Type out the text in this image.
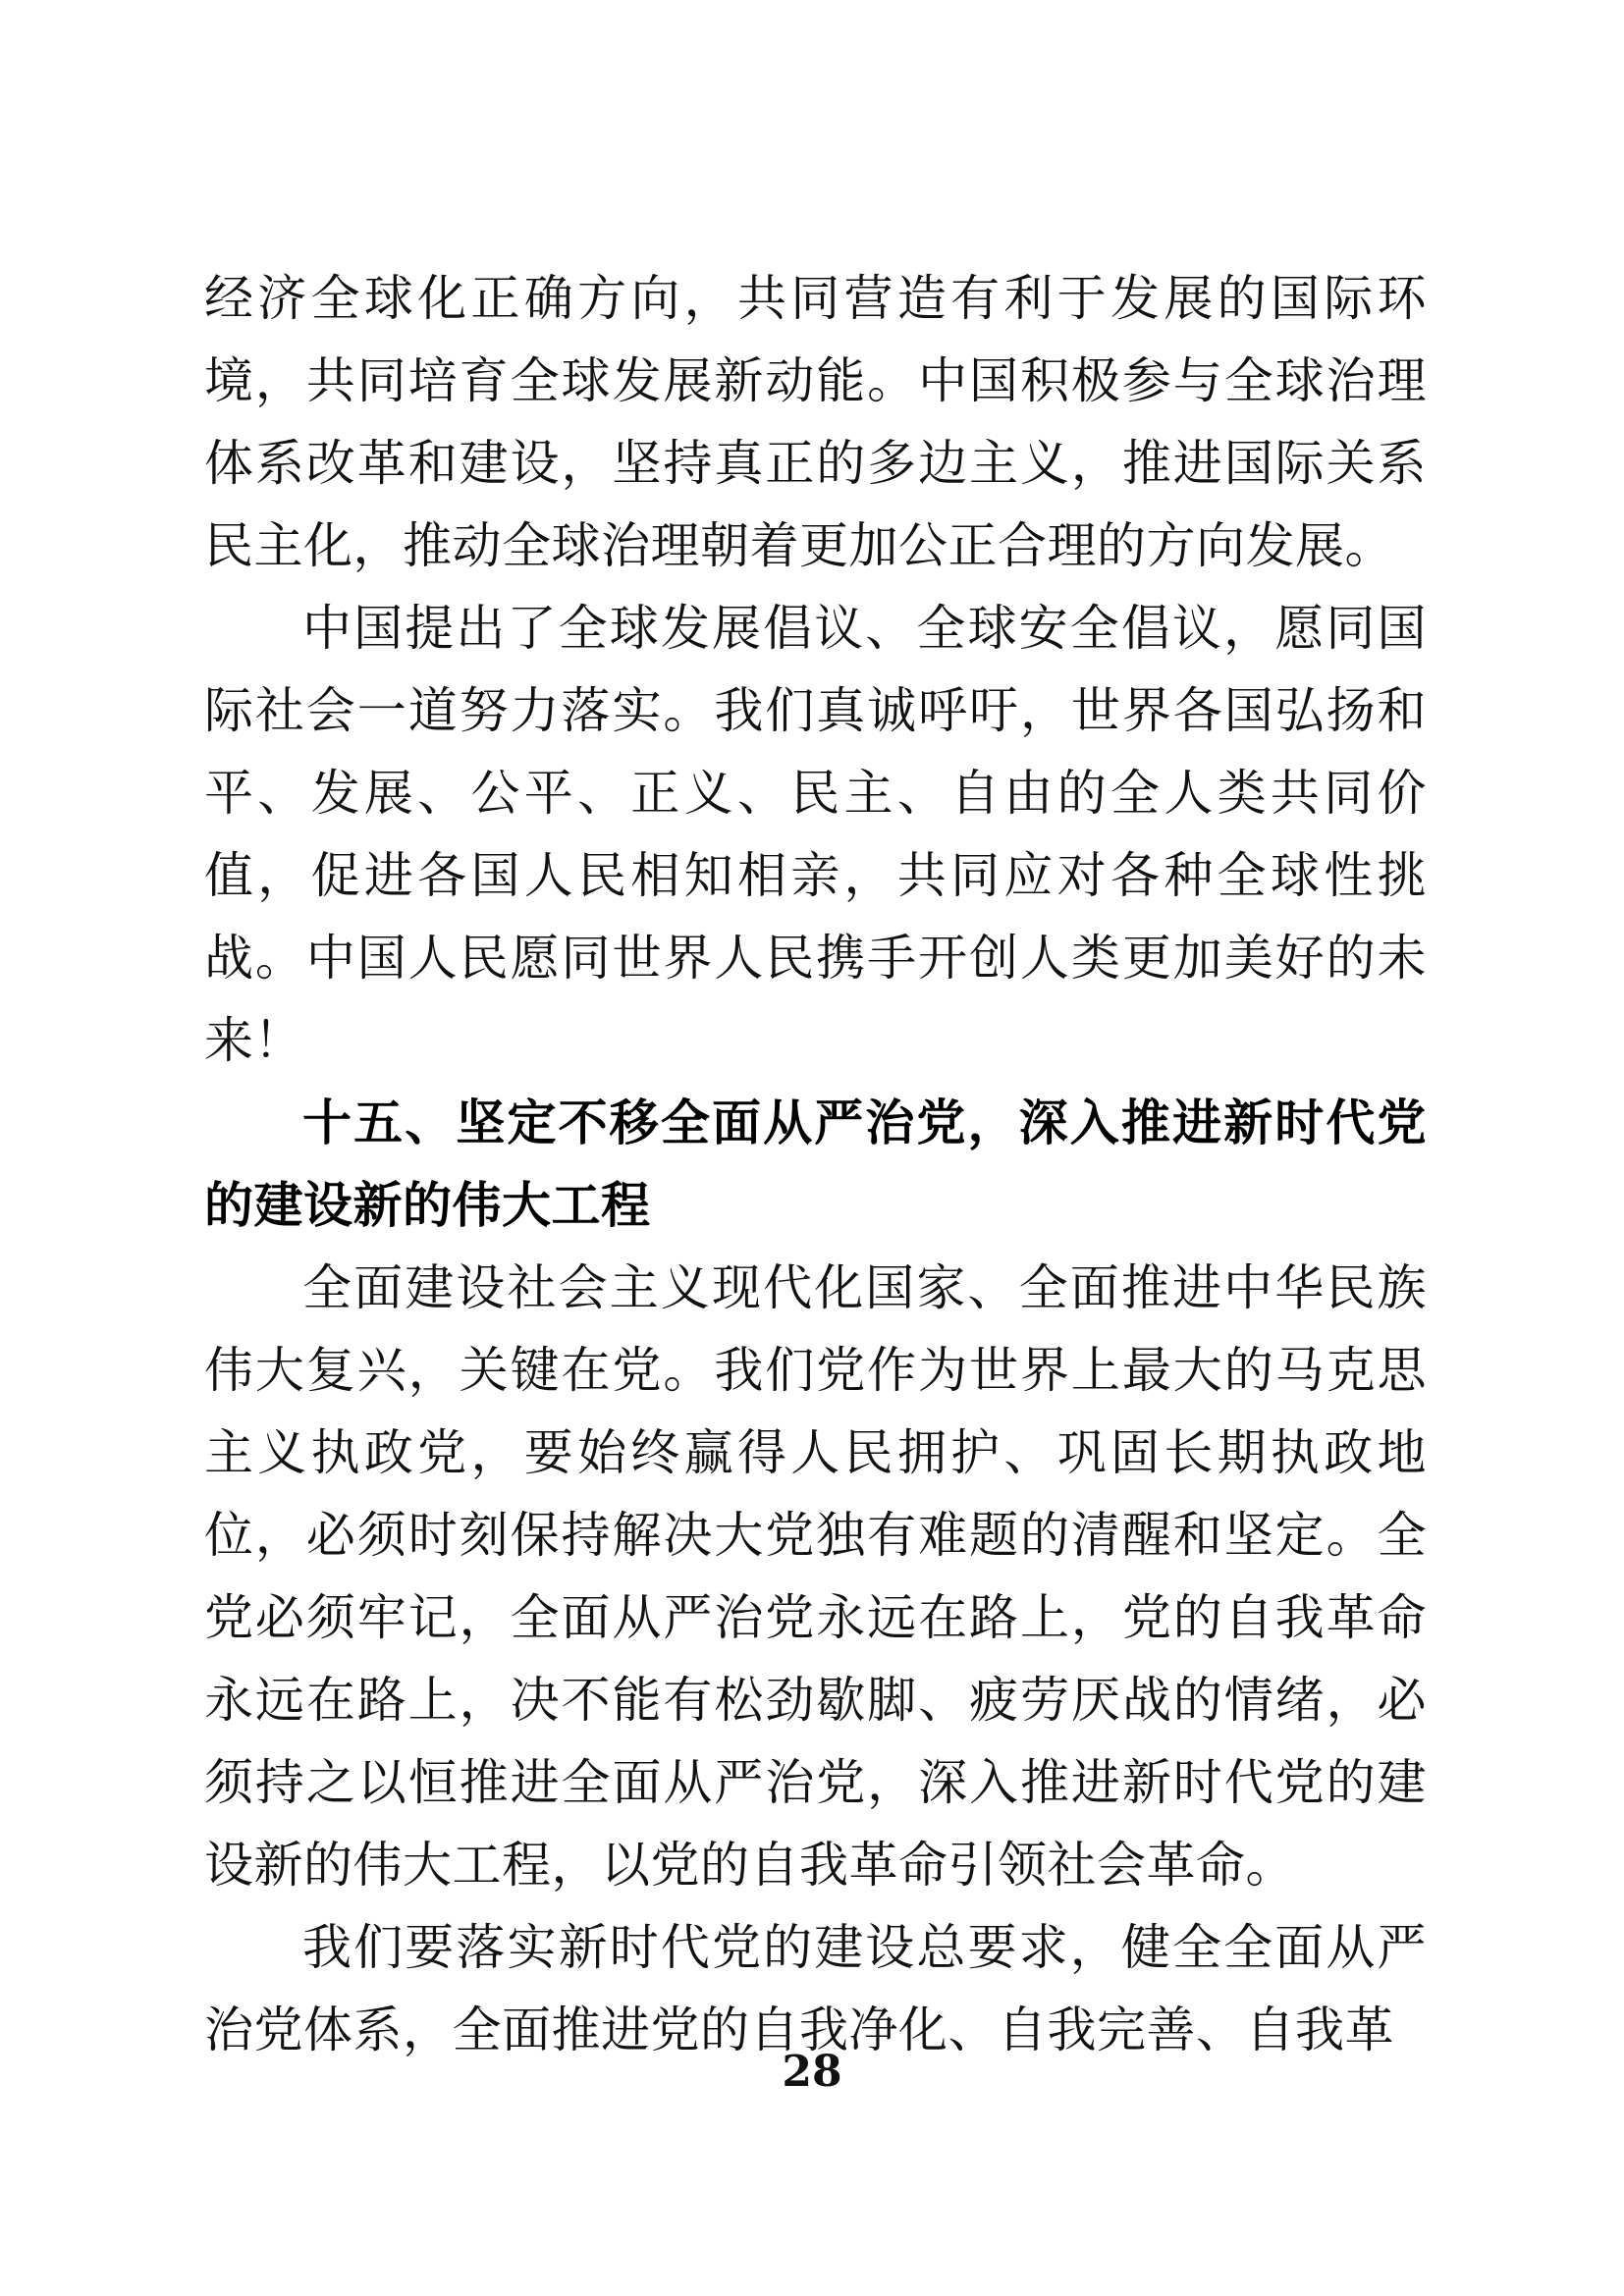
经济全球化正确方向，共同营造有利于发展的国际环境，共同培育全球发展新动能。中国积极参与全球治理体系改革和建设，坚持真正的多边主义，推进国际关系民主化，推动全球治理朝着更加公正合理的方向发展。

中国提出了全球发展倡议、全球安全倡议，愿同国际社会一道努力落实。我们真诚呼吁，世界各国弘扬和平、发展、公平、正义、民主、自由的全人类共同价值，促进各国人民相知相亲，共同应对各种全球性挑战。中国人民愿同世界人民携手开创人类更加美好的未来！

十五、坚定不移全面从严治党，深入推进新时代党的建设新的伟大工程

全面建设社会主义现代化国家、全面推进中华民族伟大复兴，关键在党。我们党作为世界上最大的马克思主义执政党，要始终赢得人民拥护、巩固长期执政地位，必须时刻保持解决大党独有难题的清醒和坚定。全党必须牢记，全面从严治党永远在路上，党的自我革命永远在路上，决不能有松劲歇脚、疲劳厌战的情绪，必须持之以恒推进全面从严治党，深入推进新时代党的建设新的伟大工程，以党的自我革命引领社会革命。

我们要落实新时代党的建设总要求，健全全面从严治党体系，全面推进党的自我净化、自我完善、自我革

28
